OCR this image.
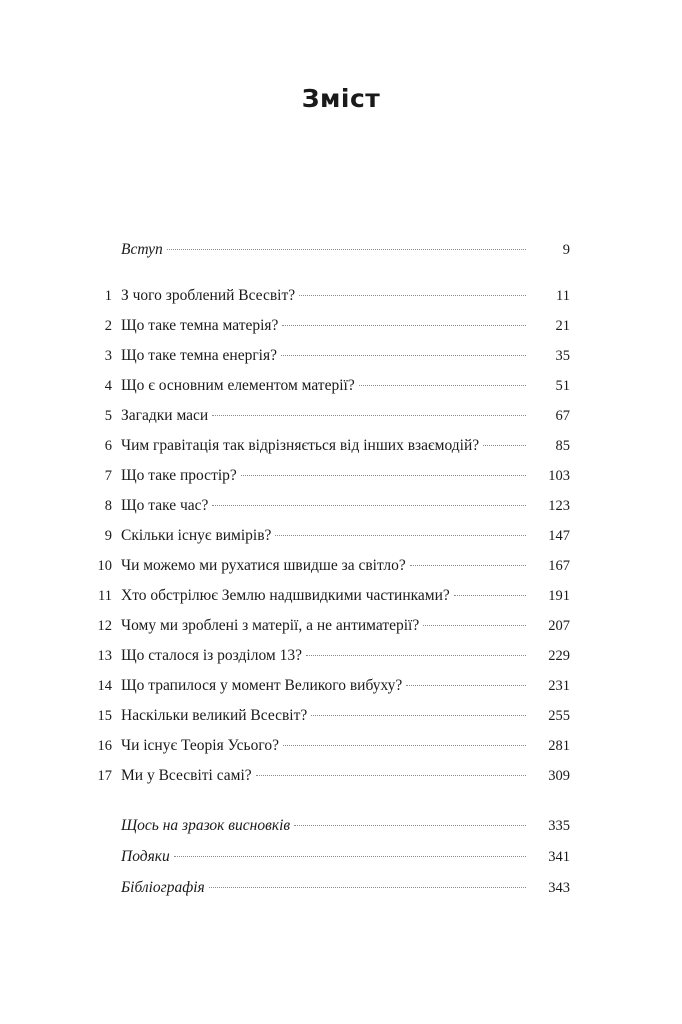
Зміст
Вступ	9
1 З чого зроблений Всесвіт?	11
2 Що таке темна матерія?	21
3 Що таке темна енергія?	35
4 Що є основним елементом матерії?	51
5 Загадки маси	67
6 Чим гравітація так відрізняється від інших взаємодій?	85
7 Що таке простір?	103
8 Що таке час?	123
9 Скільки існує вимірів?	147
10 Чи можемо ми рухатися швидше за світло?	167
11 Хто обстрілює Землю надшвидкими частинками?	191
12 Чому ми зроблені з матерії, а не антиматерії?	207
13 Що сталося із розділом 13?	229
14 Що трапилося у момент Великого вибуху?	231
15 Наскільки великий Всесвіт?	255
16 Чи існує Теорія Усього?	281
17 Ми у Всесвіті самі?	309
Щось на зразок висновків	335
Подяки	341
Бібліографія	343
